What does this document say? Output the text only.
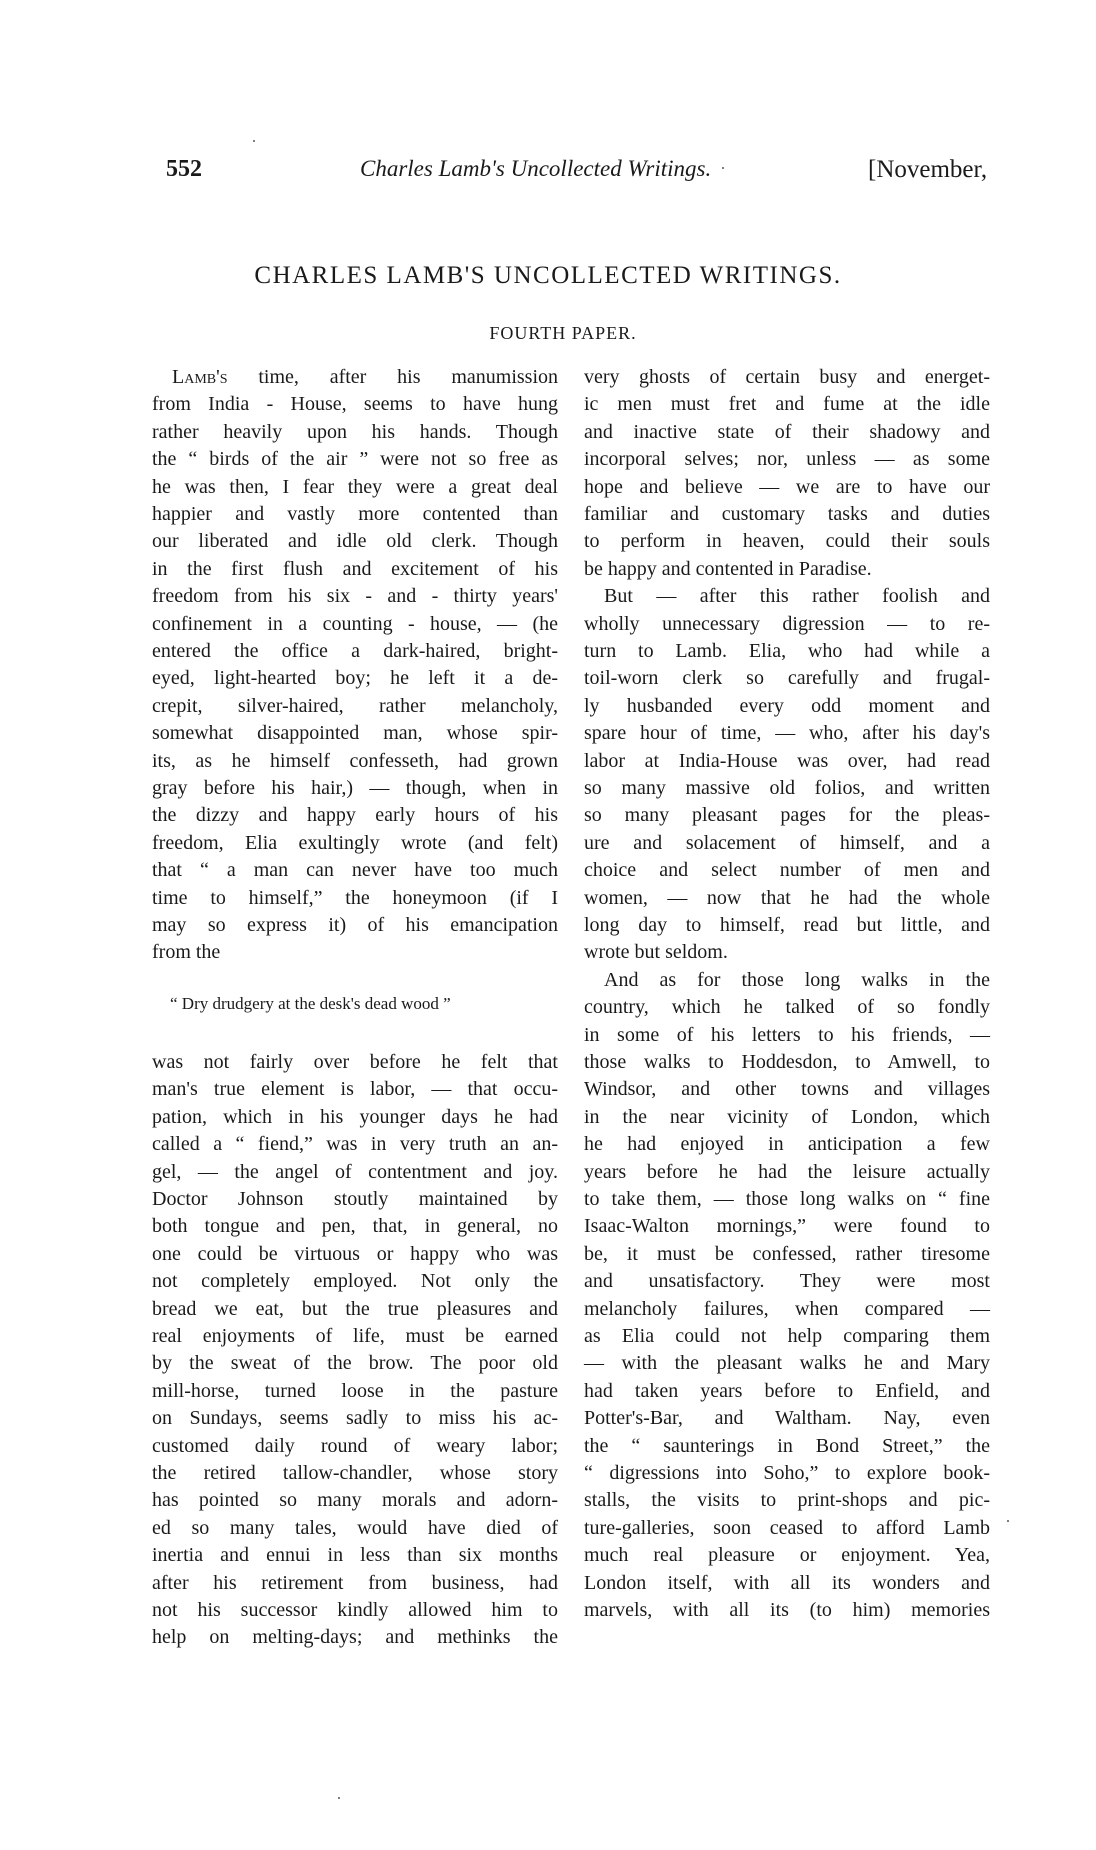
552	Charles Lamb's Uncollected Writings.	[November,
CHARLES LAMB'S UNCOLLECTED WRITINGS.
FOURTH PAPER.
Lamb's time, after his manumission
from India - House, seems to have hung
rather heavily upon his hands. Though
the “ birds of the air ” were not so free as
he was then, I fear they were a great deal
happier and vastly more contented than
our liberated and idle old clerk. Though
in the first flush and excitement of his
freedom from his six - and - thirty years'
confinement in a counting - house, — (he
entered the office a dark-haired, bright-
eyed, light-hearted boy; he left it a de-
crepit, silver-haired, rather melancholy,
somewhat disappointed man, whose spir-
its, as he himself confesseth, had grown
gray before his hair,) — though, when in
the dizzy and happy early hours of his
freedom, Elia exultingly wrote (and felt)
that “ a man can never have too much
time to himself,” the honeymoon (if I
may so express it) of his emancipation
from the
“ Dry drudgery at the desk's dead wood ”
was not fairly over before he felt that
man's true element is labor, — that occu-
pation, which in his younger days he had
called a “ fiend,” was in very truth an an-
gel, — the angel of contentment and joy.
Doctor Johnson stoutly maintained by
both tongue and pen, that, in general, no
one could be virtuous or happy who was
not completely employed. Not only the
bread we eat, but the true pleasures and
real enjoyments of life, must be earned
by the sweat of the brow. The poor old
mill-horse, turned loose in the pasture
on Sundays, seems sadly to miss his ac-
customed daily round of weary labor;
the retired tallow-chandler, whose story
has pointed so many morals and adorn-
ed so many tales, would have died of
inertia and ennui in less than six months
after his retirement from business, had
not his successor kindly allowed him to
help on melting-days; and methinks the
very ghosts of certain busy and energet-
ic men must fret and fume at the idle
and inactive state of their shadowy and
incorporal selves; nor, unless — as some
hope and believe — we are to have our
familiar and customary tasks and duties
to perform in heaven, could their souls
be happy and contented in Paradise.
But — after this rather foolish and
wholly unnecessary digression — to re-
turn to Lamb. Elia, who had while a
toil-worn clerk so carefully and frugal-
ly husbanded every odd moment and
spare hour of time, — who, after his day's
labor at India-House was over, had read
so many massive old folios, and written
so many pleasant pages for the pleas-
ure and solacement of himself, and a
choice and select number of men and
women, — now that he had the whole
long day to himself, read but little, and
wrote but seldom.
And as for those long walks in the
country, which he talked of so fondly
in some of his letters to his friends, —
those walks to Hoddesdon, to Amwell, to
Windsor, and other towns and villages
in the near vicinity of London, which
he had enjoyed in anticipation a few
years before he had the leisure actually
to take them, — those long walks on “ fine
Isaac-Walton mornings,” were found to
be, it must be confessed, rather tiresome
and unsatisfactory. They were most
melancholy failures, when compared —
as Elia could not help comparing them
— with the pleasant walks he and Mary
had taken years before to Enfield, and
Potter's-Bar, and Waltham. Nay, even
the “ saunterings in Bond Street,” the
“ digressions into Soho,” to explore book-
stalls, the visits to print-shops and pic-
ture-galleries, soon ceased to afford Lamb
much real pleasure or enjoyment. Yea,
London itself, with all its wonders and
marvels, with all its (to him) memories
